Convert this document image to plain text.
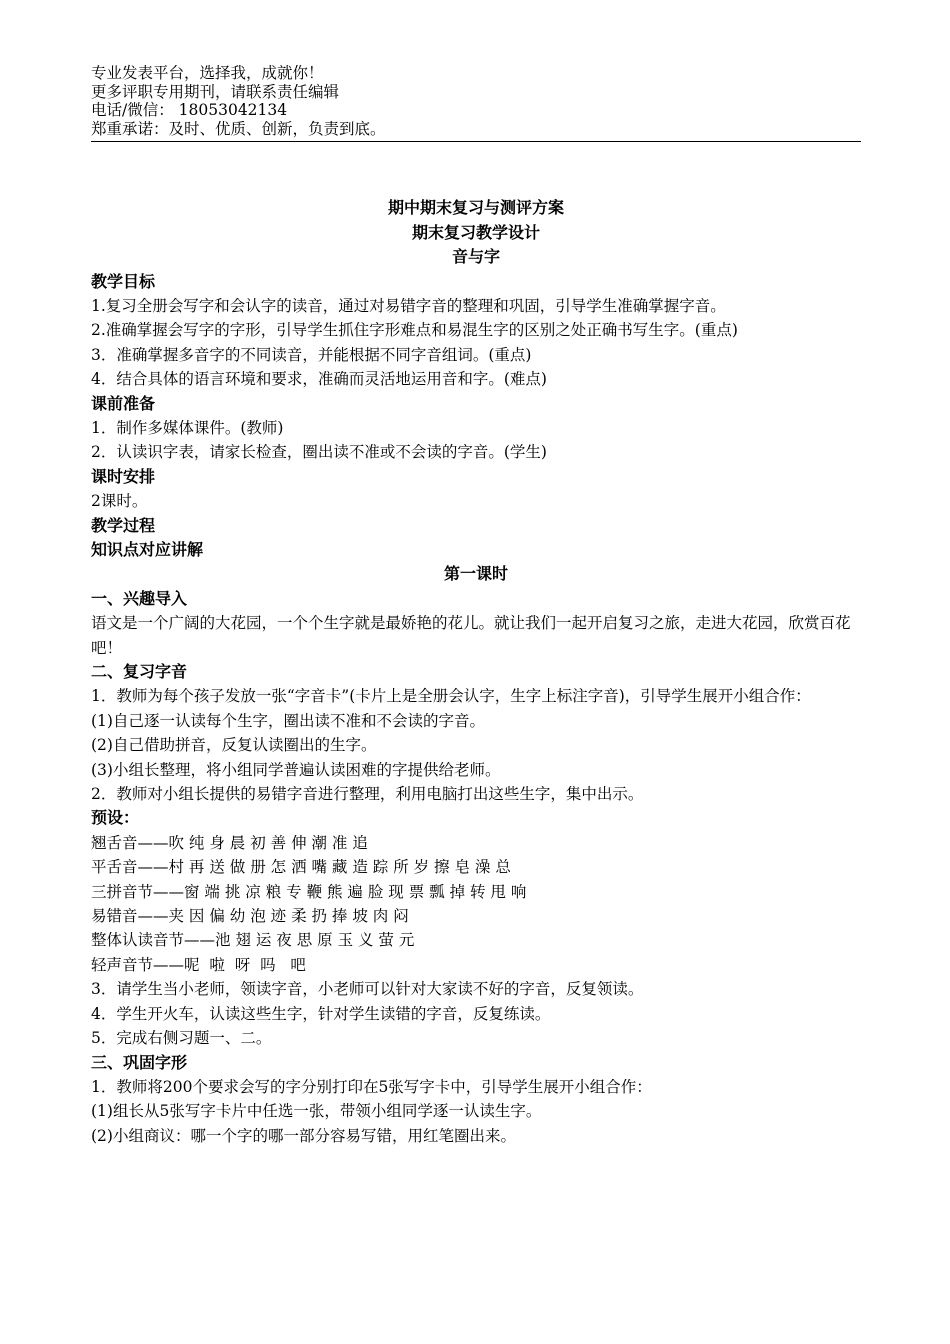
专业发表平台，选择我，成就你！
更多评职专用期刊，请联系责任编辑
电话/微信： 18053042134
郑重承诺：及时、优质、创新，负责到底。
期中期末复习与测评方案
期末复习教学设计
音与字
教学目标
1.复习全册会写字和会认字的读音，通过对易错字音的整理和巩固，引导学生准确掌握字音。
2.准确掌握会写字的字形，引导学生抓住字形难点和易混生字的区别之处正确书写生字。(重点)
3．准确掌握多音字的不同读音，并能根据不同字音组词。(重点)
4．结合具体的语言环境和要求，准确而灵活地运用音和字。(难点)
课前准备
1．制作多媒体课件。(教师)
2．认读识字表，请家长检查，圈出读不准或不会读的字音。(学生)
课时安排
2课时。
教学过程
知识点对应讲解
第一课时
一、兴趣导入
语文是一个广阔的大花园，一个个生字就是最娇艳的花儿。就让我们一起开启复习之旅，走进大花园，欣赏百花吧！
二、复习字音
1．教师为每个孩子发放一张“字音卡”(卡片上是全册会认字，生字上标注字音)，引导学生展开小组合作：
(1)自己逐一认读每个生字，圈出读不准和不会读的字音。
(2)自己借助拼音，反复认读圈出的生字。
(3)小组长整理，将小组同学普遍认读困难的字提供给老师。
2．教师对小组长提供的易错字音进行整理，利用电脑打出这些生字，集中出示。
预设：
翘舌音——吹 纯 身 晨 初 善 伸 潮 准 追
平舌音——村 再 送 做 册 怎 洒 嘴 藏 造 踪 所 岁 擦 皂 澡 总
三拼音节——窗 端 挑 凉 粮 专 鞭 熊 遍 脸 现 票 瓢 掉 转 甩 响
易错音——夹 因 偏 幼 泡 迹 柔 扔 捧 坡 肉 闷
整体认读音节——池 翅 运 夜 思 原 玉 义 萤 元
轻声音节——呢  啦  呀  吗   吧
3．请学生当小老师，领读字音，小老师可以针对大家读不好的字音，反复领读。
4．学生开火车，认读这些生字，针对学生读错的字音，反复练读。
5．完成右侧习题一、二。
三、巩固字形
1．教师将200个要求会写的字分别打印在5张写字卡中，引导学生展开小组合作：
(1)组长从5张写字卡片中任选一张，带领小组同学逐一认读生字。
(2)小组商议：哪一个字的哪一部分容易写错，用红笔圈出来。
